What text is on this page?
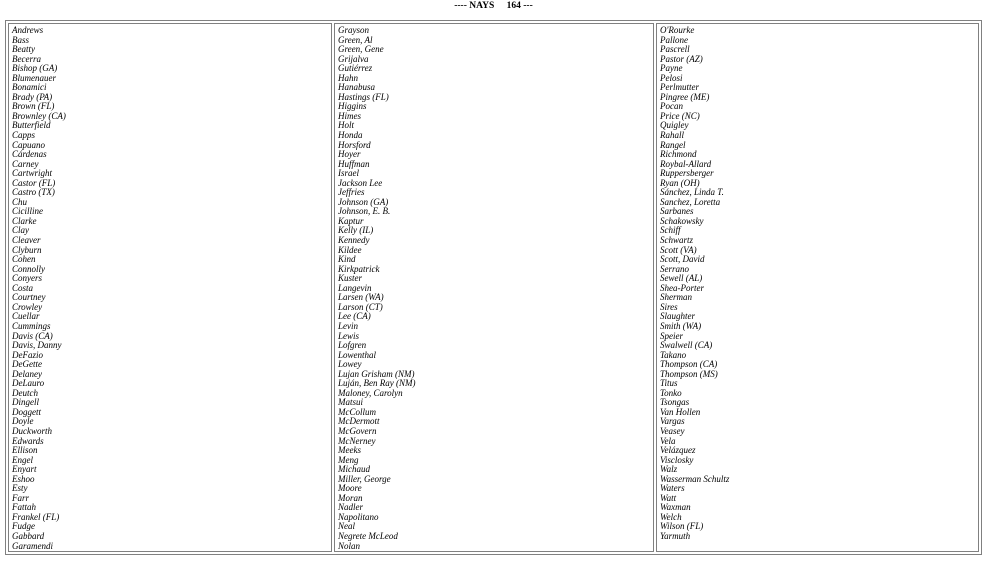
---- NAYS 164 ---
Andrews
Bass
Beatty
Becerra
Bishop (GA)
Blumenauer
Bonamici
Brady (PA)
Brown (FL)
Brownley (CA)
Butterfield
Capps
Capuano
Cárdenas
Carney
Cartwright
Castor (FL)
Castro (TX)
Chu
Cicilline
Clarke
Clay
Cleaver
Clyburn
Cohen
Connolly
Conyers
Costa
Courtney
Crowley
Cuellar
Cummings
Davis (CA)
Davis, Danny
DeFazio
DeGette
Delaney
DeLauro
Deutch
Dingell
Doggett
Doyle
Duckworth
Edwards
Ellison
Engel
Enyart
Eshoo
Esty
Farr
Fattah
Frankel (FL)
Fudge
Gabbard
Garamendi
Grayson
Green, Al
Green, Gene
Grijalva
Gutiérrez
Hahn
Hanabusa
Hastings (FL)
Higgins
Himes
Holt
Honda
Horsford
Hoyer
Huffman
Israel
Jackson Lee
Jeffries
Johnson (GA)
Johnson, E. B.
Kaptur
Kelly (IL)
Kennedy
Kildee
Kind
Kirkpatrick
Kuster
Langevin
Larsen (WA)
Larson (CT)
Lee (CA)
Levin
Lewis
Lofgren
Lowenthal
Lowey
Lujan Grisham (NM)
Luján, Ben Ray (NM)
Maloney, Carolyn
Matsui
McCollum
McDermott
McGovern
McNerney
Meeks
Meng
Michaud
Miller, George
Moore
Moran
Nadler
Napolitano
Neal
Negrete McLeod
Nolan
O'Rourke
Pallone
Pascrell
Pastor (AZ)
Payne
Pelosi
Perlmutter
Pingree (ME)
Pocan
Price (NC)
Quigley
Rahall
Rangel
Richmond
Roybal-Allard
Ruppersberger
Ryan (OH)
Sánchez, Linda T.
Sanchez, Loretta
Sarbanes
Schakowsky
Schiff
Schwartz
Scott (VA)
Scott, David
Serrano
Sewell (AL)
Shea-Porter
Sherman
Sires
Slaughter
Smith (WA)
Speier
Swalwell (CA)
Takano
Thompson (CA)
Thompson (MS)
Titus
Tonko
Tsongas
Van Hollen
Vargas
Veasey
Vela
Velázquez
Visclosky
Walz
Wasserman Schultz
Waters
Watt
Waxman
Welch
Wilson (FL)
Yarmuth
